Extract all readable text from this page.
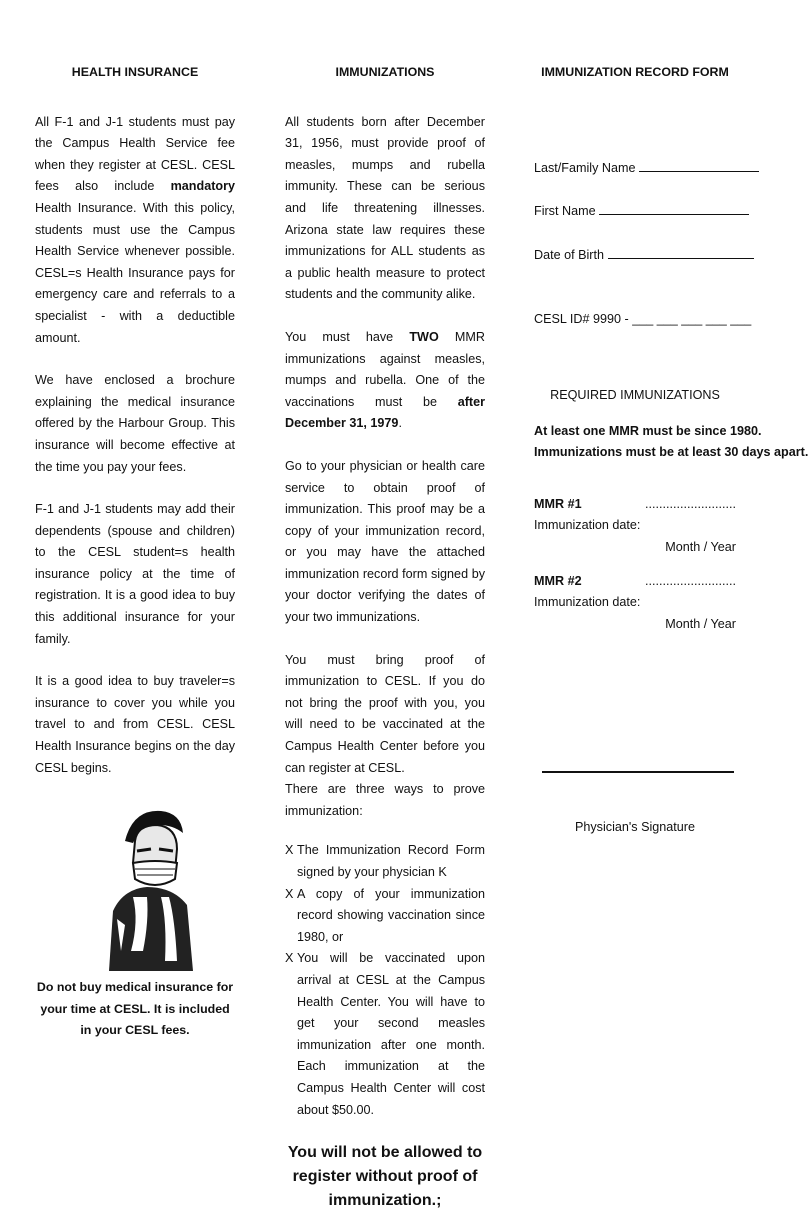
HEALTH INSURANCE

All F-1 and J-1 students must pay the Campus Health Service fee when they register at CESL. CESL fees also include mandatory Health Insurance. With this policy, students must use the Campus Health Service whenever possible. CESL=s Health Insurance pays for emergency care and referrals to a specialist - with a deductible amount.

We have enclosed a brochure explaining the medical insurance offered by the Harbour Group. This insurance will become effective at the time you pay your fees.

F-1 and J-1 students may add their dependents (spouse and children) to the CESL student=s health insurance policy at the time of registration. It is a good idea to buy this additional insurance for your family.

It is a good idea to buy traveler=s insurance to cover you while you travel to and from CESL. CESL Health Insurance begins on the day CESL begins.

Do not buy medical insurance for your time at CESL. It is included in your CESL fees.
IMMUNIZATIONS

All students born after December 31, 1956, must provide proof of measles, mumps and rubella immunity. These can be serious and life threatening illnesses. Arizona state law requires these immunizations for ALL students as a public health measure to protect students and the community alike.

You must have TWO MMR immunizations against measles, mumps and rubella. One of the vaccinations must be after December 31, 1979.

Go to your physician or health care service to obtain proof of immunization. This proof may be a copy of your immunization record, or you may have the attached immunization record form signed by your doctor verifying the dates of your two immunizations.

You must bring proof of immunization to CESL. If you do not bring the proof with you, you will need to be vaccinated at the Campus Health Center before you can register at CESL.

There are three ways to prove immunization:

X The Immunization Record Form signed by your physician K
X A copy of your immunization record showing vaccination since 1980, or
X You will be vaccinated upon arrival at CESL at the Campus Health Center. You will have to get your second measles immunization after one month. Each immunization at the Campus Health Center will cost about $50.00.
You will not be allowed to register without proof of immunization.;
IMMUNIZATION RECORD FORM

Last/Family Name

First Name

Date of Birth

CESL ID# 9990 - ___ ___ ___ ___ ___

REQUIRED IMMUNIZATIONS

At least one MMR must be since 1980.

Immunizations must be at least 30 days apart.

MMR #1 Immunization date:
..........................
Month / Year
MMR #2 Immunization date:
..........................
Month / Year
Physician's Signature
